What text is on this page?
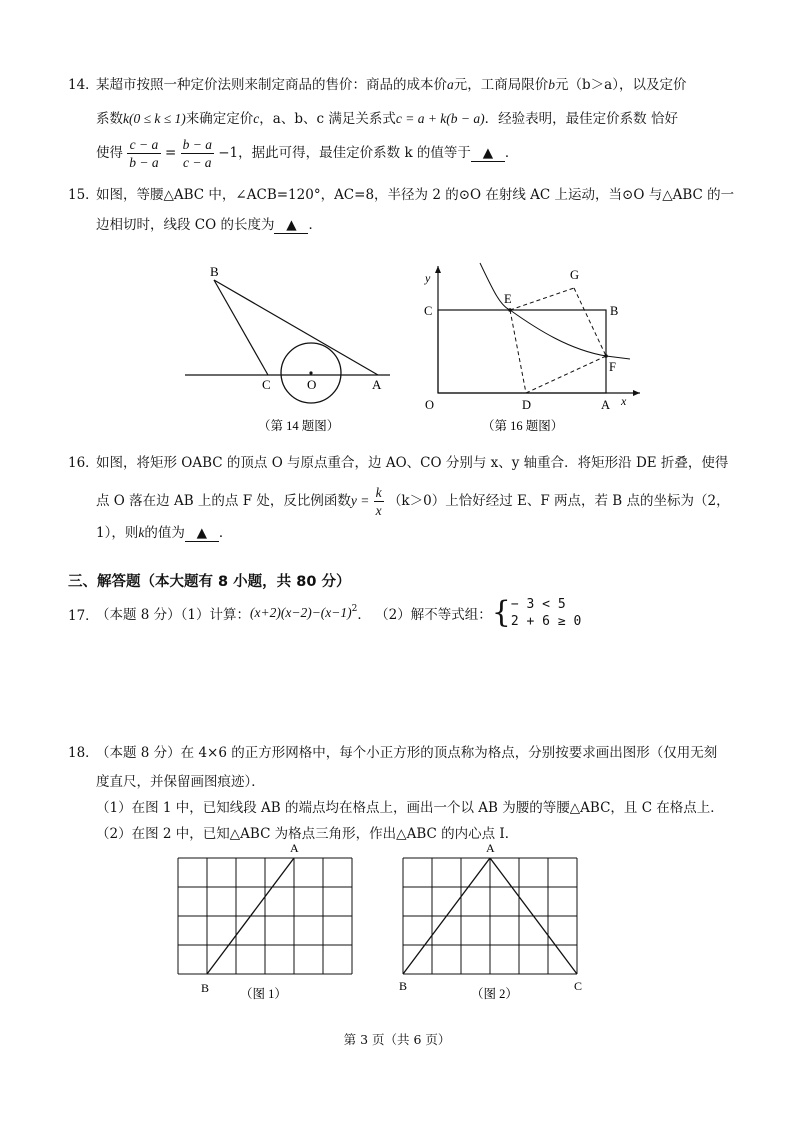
14．
某超市按照一种定价法则来制定商品的售价：商品的成本价a元，工商局限价b元（b＞a），以及定价
系数k(0 ≤ k ≤ 1)来确定定价c，a、b、c 满足关系式c = a + k(b − a)．经验表明，最佳定价系数 恰好
使得 $\frac{c - a}{b - a} = \frac{b - a}{c - a} -1$，据此可得，最佳定价系数 k 的值等于 ▲ ．
15．
如图，等腰△ABC 中，∠ACB=120°，AC=8，半径为 2 的⊙O 在射线 AC 上运动，当⊙O 与△ABC 的一
边相切时，线段 CO 的长度为 ▲ ．
B
C	O	A
（第 14 题图）
y
x
C
E
G
B
F
O	D	A
（第 16 题图）
16．
如图，将矩形 OABC 的顶点 O 与原点重合，边 AO、CO 分别与 x、y 轴重合．将矩形沿 DE 折叠，使得
点 O 落在边 AB 上的点 F 处，反比例函数$y = \frac{k}{x} (k>0)$上恰好经过 E、F 两点，若 B 点的坐标为（2，
1），则k的值为 ▲ ．
三、解答题（本大题有 8 小题，共 80 分）
17．
（本题 8 分）（1）计算：$(x+2)(x-2)-(x-1)^2$． （2）解不等式组：{ − 3 < 5
2 + 6 ≥ 0
18．
（本题 8 分）在 4×6 的正方形网格中，每个小正方形的顶点称为格点，分别按要求画出图形（仅用无刻
度直尺，并保留画图痕迹）．
（1）在图 1 中，已知线段 AB 的端点均在格点上，画出一个以 AB 为腰的等腰△ABC，且 C 在格点上．
（2）在图 2 中，已知△ABC 为格点三角形，作出△ABC 的内心点 I．
A
B （图 1）
A
B	C
（图 2）
第 3 页（共 6 页）
